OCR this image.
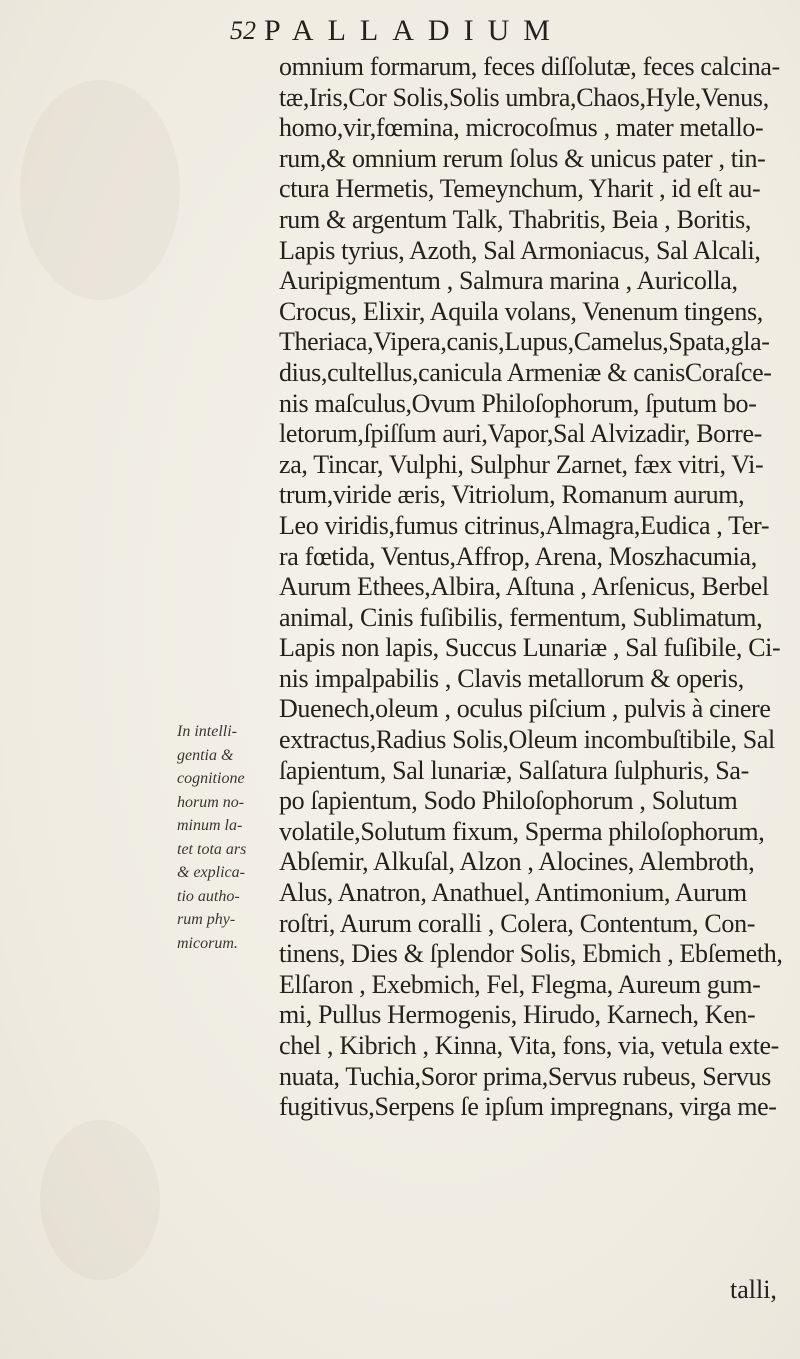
52 PALLADIUM
In intelli-
gentia &
cognitione
horum no-
minum la-
tet tota ars
& explica-
tio autho-
rum phy-
micorum.
omnium formarum, feces diſſolutæ, feces calcina-
tæ,Iris,Cor Solis,Solis umbra,Chaos,Hyle,Venus,
homo,vir,fœmina, microcoſmus , mater metallo-
rum,& omnium rerum ſolus & unicus pater , tin-
ctura Hermetis, Temeynchum, Yharit , id eſt au-
rum & argentum Talk, Thabritis, Beia , Boritis,
Lapis tyrius, Azoth, Sal Armoniacus, Sal Alcali,
Auripigmentum , Salmura marina , Auricolla,
Crocus, Elixir, Aquila volans, Venenum tingens,
Theriaca,Vipera,canis,Lupus,Camelus,Spata,gla-
dius,cultellus,canicula Armeniæ & canisCoraſce-
nis maſculus,Ovum Philoſophorum, ſputum bo-
letorum,ſpiſſum auri,Vapor,Sal Alvizadir, Borre-
za, Tincar, Vulphi, Sulphur Zarnet, fæx vitri, Vi-
trum,viride æris, Vitriolum, Romanum aurum,
Leo viridis,fumus citrinus,Almagra,Eudica , Ter-
ra fœtida, Ventus,Affrop, Arena, Moszhacumia,
Aurum Ethees,Albira, Aſtuna , Arſenicus, Berbel
animal, Cinis fuſibilis, fermentum, Sublimatum,
Lapis non lapis, Succus Lunariæ , Sal fuſibile, Ci-
nis impalpabilis , Clavis metallorum & operis,
Duenech,oleum , oculus piſcium , pulvis à cinere
extractus,Radius Solis,Oleum incombuſtibile, Sal
ſapientum, Sal lunariæ, Salſatura ſulphuris, Sa-
po ſapientum, Sodo Philoſophorum , Solutum
volatile,Solutum fixum, Sperma philoſophorum,
Abſemir, Alkuſal, Alzon , Alocines, Alembroth,
Alus, Anatron, Anathuel, Antimonium, Aurum
roſtri, Aurum coralli , Colera, Contentum, Con-
tinens, Dies & ſplendor Solis, Ebmich , Ebſemeth,
Elſaron , Exebmich, Fel, Flegma, Aureum gum-
mi, Pullus Hermogenis, Hirudo, Karnech, Ken-
chel , Kibrich , Kinna, Vita, fons, via, vetula exte-
nuata, Tuchia,Soror prima,Servus rubeus, Servus
fugitivus,Serpens ſe ipſum impregnans, virga me-
talli,
